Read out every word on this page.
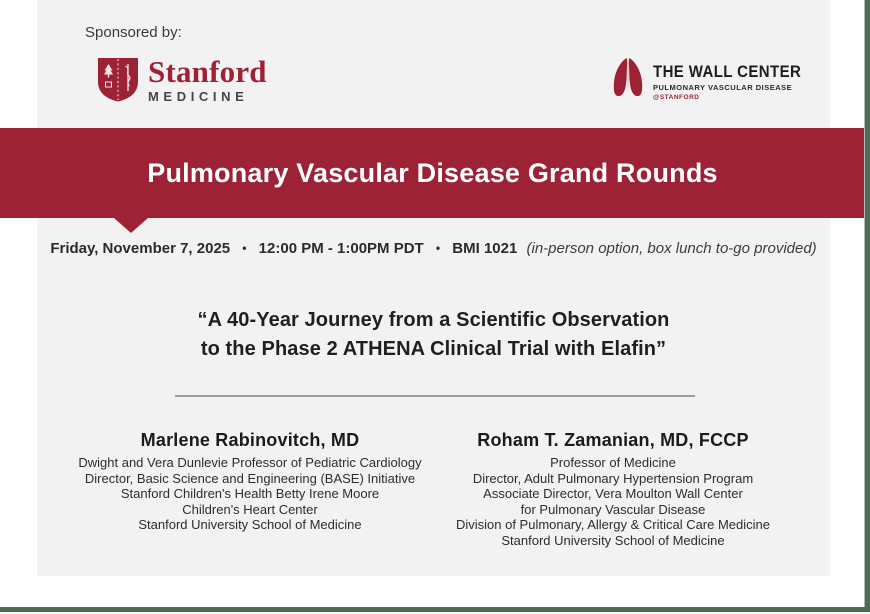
Sponsored by:
Stanford
MEDICINE
THE WALL CENTER
PULMONARY VASCULAR DISEASE
@STANFORD
Pulmonary Vascular Disease Grand Rounds
Friday, November 7, 2025 • 12:00 PM - 1:00PM PDT • BMI 1021 (in-person option, box lunch to-go provided)
“A 40-Year Journey from a Scientific Observation
to the Phase 2 ATHENA Clinical Trial with Elafin”
Marlene Rabinovitch, MD
Dwight and Vera Dunlevie Professor of Pediatric Cardiology
Director, Basic Science and Engineering (BASE) Initiative
Stanford Children's Health Betty Irene Moore
Children's Heart Center
Stanford University School of Medicine
Roham T. Zamanian, MD, FCCP
Professor of Medicine
Director, Adult Pulmonary Hypertension Program
Associate Director, Vera Moulton Wall Center
for Pulmonary Vascular Disease
Division of Pulmonary, Allergy & Critical Care Medicine
Stanford University School of Medicine
